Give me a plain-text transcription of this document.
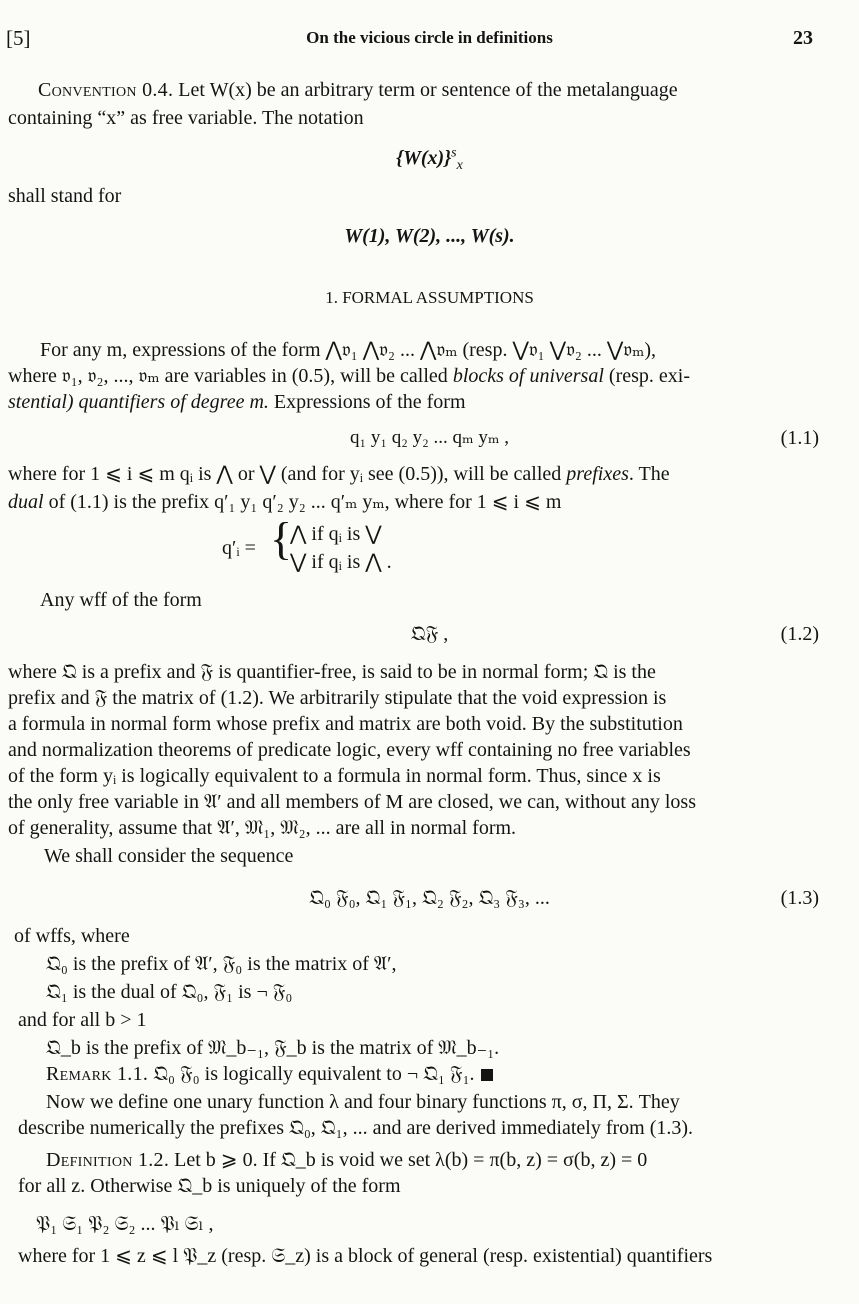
[5]	On the vicious circle in definitions	23
Convention 0.4. Let W(x) be an arbitrary term or sentence of the metalanguage
containing “x” as free variable. The notation
$\{W(x)\}^s_x$
shall stand for
W(1), W(2), ..., W(s).
1. FORMAL ASSUMPTIONS
For any m, expressions of the form ⋀𝔳₁ ⋀𝔳₂ ... ⋀𝔳ₘ (resp. ⋁𝔳₁ ⋁𝔳₂ ... ⋁𝔳ₘ),
where 𝔳₁, 𝔳₂, ..., 𝔳ₘ are variables in (0.5), will be called blocks of universal (resp. exi-
stential) quantifiers of degree m. Expressions of the form
q₁ y₁ q₂ y₂ ... qₘ yₘ ,	(1.1)
where for 1 ⩽ i ⩽ m qᵢ is ⋀ or ⋁ (and for yᵢ see (0.5)), will be called prefixes. The
dual of (1.1) is the prefix q′₁ y₁ q′₂ y₂ ... q′ₘ yₘ, where for 1 ⩽ i ⩽ m
q′ᵢ = {
⋀ if qᵢ is ⋁
⋁ if qᵢ is ⋀ .
Any wff of the form
𝔔𝔉 ,	(1.2)
where 𝔔 is a prefix and 𝔉 is quantifier-free, is said to be in normal form; 𝔔 is the
prefix and 𝔉 the matrix of (1.2). We arbitrarily stipulate that the void expression is
a formula in normal form whose prefix and matrix are both void. By the substitution
and normalization theorems of predicate logic, every wff containing no free variables
of the form yᵢ is logically equivalent to a formula in normal form. Thus, since x is
the only free variable in 𝔄′ and all members of M are closed, we can, without any loss
of generality, assume that 𝔄′, 𝔐₁, 𝔐₂, ... are all in normal form.
We shall consider the sequence
𝔔₀ 𝔉₀, 𝔔₁ 𝔉₁, 𝔔₂ 𝔉₂, 𝔔₃ 𝔉₃, ...	(1.3)
of wffs, where
𝔔₀ is the prefix of 𝔄′, 𝔉₀ is the matrix of 𝔄′,
𝔔₁ is the dual of 𝔔₀, 𝔉₁ is ¬ 𝔉₀
and for all b > 1
𝔔_b is the prefix of 𝔐_b₋₁, 𝔉_b is the matrix of 𝔐_b₋₁.
Remark 1.1. 𝔔₀ 𝔉₀ is logically equivalent to ¬ 𝔔₁ 𝔉₁.
Now we define one unary function λ and four binary functions π, σ, Π, Σ. They
describe numerically the prefixes 𝔔₀, 𝔔₁, ... and are derived immediately from (1.3).
Definition 1.2. Let b ⩾ 0. If 𝔔_b is void we set λ(b) = π(b, z) = σ(b, z) = 0
for all z. Otherwise 𝔔_b is uniquely of the form
𝔓₁ 𝔖₁ 𝔓₂ 𝔖₂ ... 𝔓ₗ 𝔖ₗ ,
where for 1 ⩽ z ⩽ l 𝔓_z (resp. 𝔖_z) is a block of general (resp. existential) quantifiers
